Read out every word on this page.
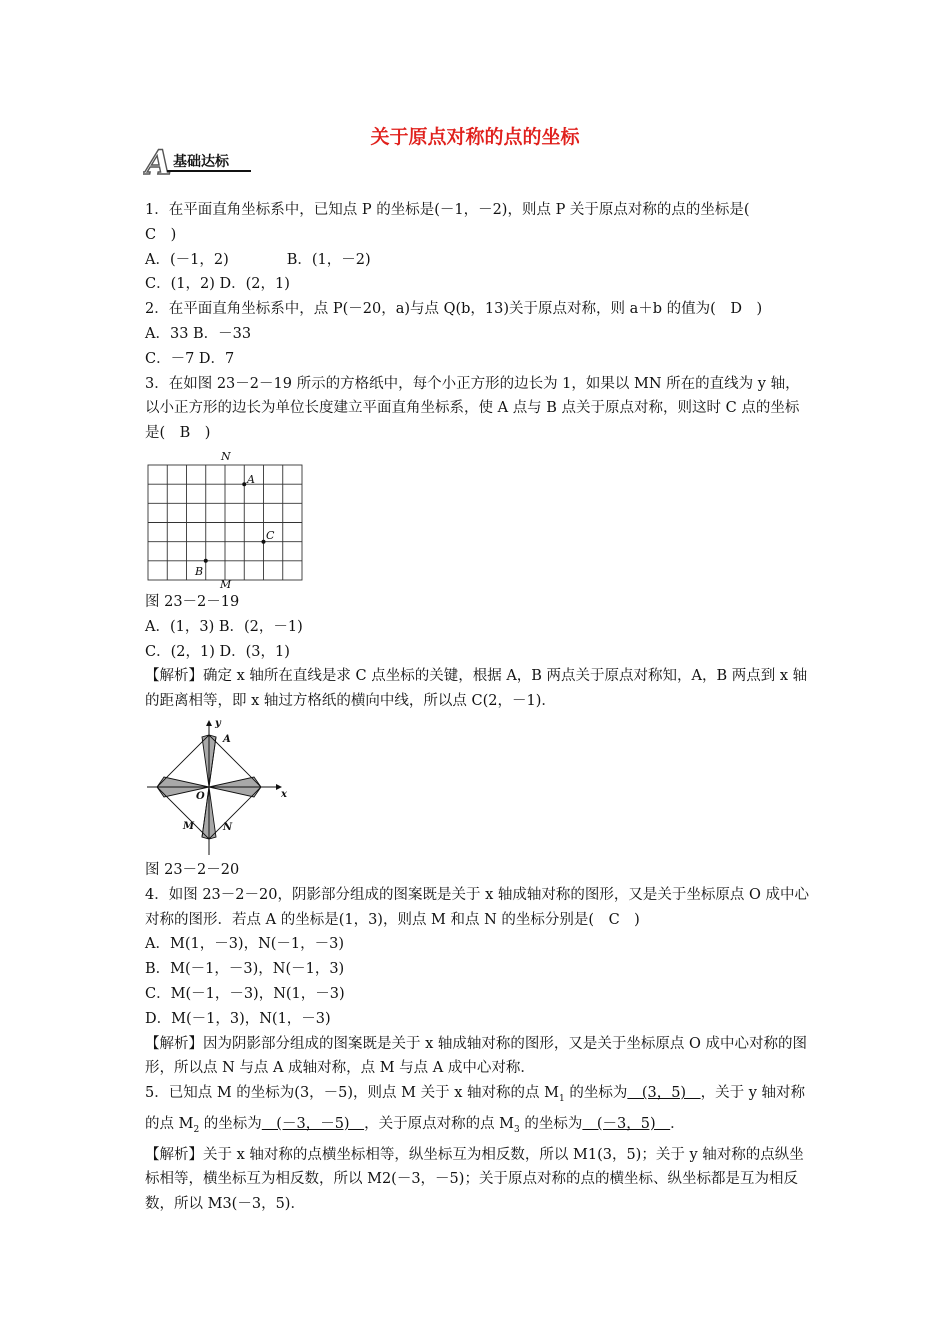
关于原点对称的点的坐标
A 基础达标
1．在平面直角坐标系中，已知点 P 的坐标是(－1，－2)，则点 P 关于原点对称的点的坐标是(
C　)
A．(－1，2)　　　　B．(1，－2)
C．(1，2) D．(2，1)
2．在平面直角坐标系中，点 P(－20，a)与点 Q(b，13)关于原点对称，则 a＋b 的值为(　D　)
A．33 B．－33
C．－7 D．7
3．在如图 23－2－19 所示的方格纸中，每个小正方形的边长为 1，如果以 MN 所在的直线为 y 轴，以小正方形的边长为单位长度建立平面直角坐标系，使 A 点与 B 点关于原点对称，则这时 C 点的坐标是(　B　)
N
M
A
B
C
图 23－2－19
A．(1，3) B．(2，－1)
C．(2，1) D．(3，1)
【解析】确定 x 轴所在直线是求 C 点坐标的关键，根据 A，B 两点关于原点对称知，A，B 两点到 x 轴的距离相等，即 x 轴过方格纸的横向中线，所以点 C(2，－1)．
y
x
O
A
M	N
图 23－2－20
4．如图 23－2－20，阴影部分组成的图案既是关于 x 轴成轴对称的图形，又是关于坐标原点 O 成中心对称的图形．若点 A 的坐标是(1，3)，则点 M 和点 N 的坐标分别是(　C　)
A．M(1，－3)，N(－1，－3)
B．M(－1，－3)，N(－1，3)
C．M(－1，－3)，N(1，－3)
D．M(－1，3)，N(1，－3)
【解析】因为阴影部分组成的图案既是关于 x 轴成轴对称的图形，又是关于坐标原点 O 成中心对称的图形，所以点 N 与点 A 成轴对称，点 M 与点 A 成中心对称．
5．已知点 M 的坐标为(3，－5)，则点 M 关于 x 轴对称的点 $M_1$ 的坐标为　(3，5)　，关于 y 轴对称的点 $M_2$ 的坐标为　(－3，－5)　，关于原点对称的点 $M_3$ 的坐标为　(－3，5)　．
【解析】关于 x 轴对称的点横坐标相等，纵坐标互为相反数，所以 M1(3，5)；关于 y 轴对称的点纵坐标相等，横坐标互为相反数，所以 M2(－3，－5)；关于原点对称的点的横坐标、纵坐标都是互为相反数，所以 M3(－3，5)．
